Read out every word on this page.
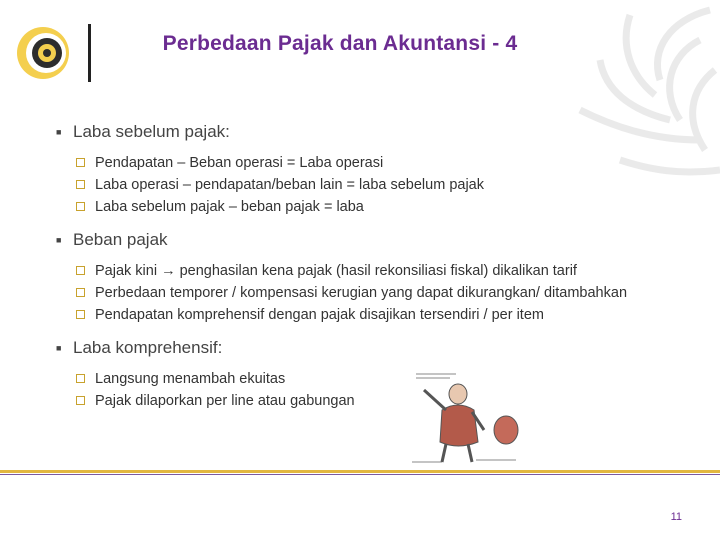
Perbedaan Pajak dan Akuntansi - 4
■ Laba sebelum pajak:
Pendapatan – Beban operasi = Laba operasi
Laba operasi – pendapatan/beban lain = laba sebelum pajak
Laba sebelum pajak – beban pajak = laba
■ Beban pajak
Pajak kini → penghasilan kena pajak (hasil rekonsiliasi fiskal) dikalikan tarif
Perbedaan temporer / kompensasi kerugian yang dapat dikurangkan/ ditambahkan
Pendapatan komprehensif dengan pajak disajikan tersendiri / per item
■ Laba komprehensif:
Langsung menambah ekuitas
Pajak dilaporkan per line atau gabungan
11
